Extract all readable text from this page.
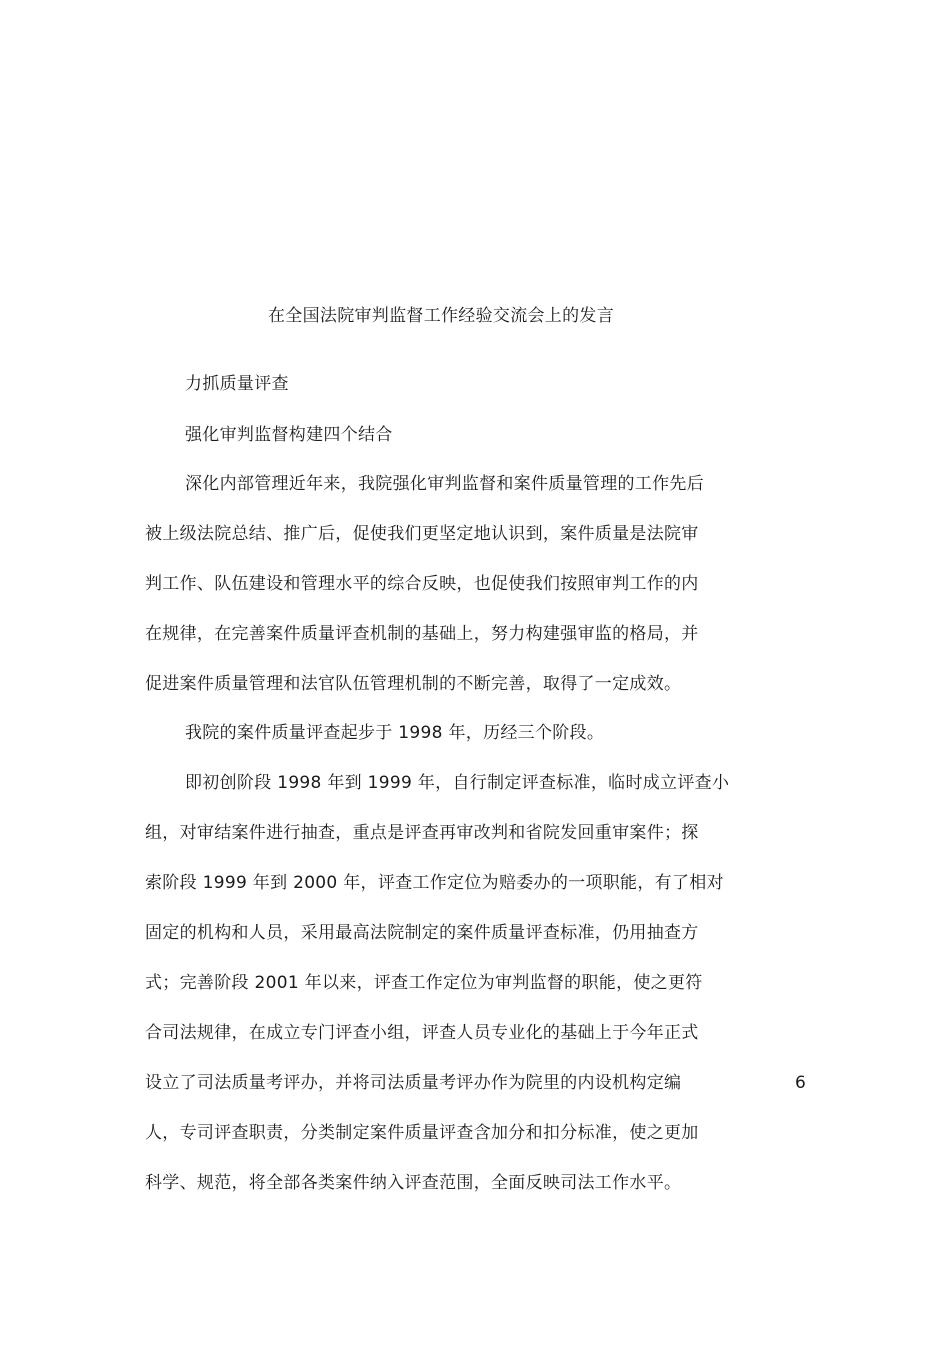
在全国法院审判监督工作经验交流会上的发言
力抓质量评查
强化审判监督构建四个结合
深化内部管理近年来，我院强化审判监督和案件质量管理的工作先后
被上级法院总结、推广后，促使我们更坚定地认识到，案件质量是法院审
判工作、队伍建设和管理水平的综合反映，也促使我们按照审判工作的内
在规律，在完善案件质量评查机制的基础上，努力构建强审监的格局，并
促进案件质量管理和法官队伍管理机制的不断完善，取得了一定成效。
我院的案件质量评查起步于 1998 年，历经三个阶段。
即初创阶段 1998 年到 1999 年，自行制定评查标准，临时成立评查小
组，对审结案件进行抽查，重点是评查再审改判和省院发回重审案件；探
索阶段 1999 年到 2000 年，评查工作定位为赔委办的一项职能，有了相对
固定的机构和人员，采用最高法院制定的案件质量评查标准，仍用抽查方
式；完善阶段 2001 年以来，评查工作定位为审判监督的职能，使之更符
合司法规律，在成立专门评查小组，评查人员专业化的基础上于今年正式
设立了司法质量考评办，并将司法质量考评办作为院里的内设机构定编	6
人，专司评查职责，分类制定案件质量评查含加分和扣分标准，使之更加
科学、规范，将全部各类案件纳入评查范围，全面反映司法工作水平。
